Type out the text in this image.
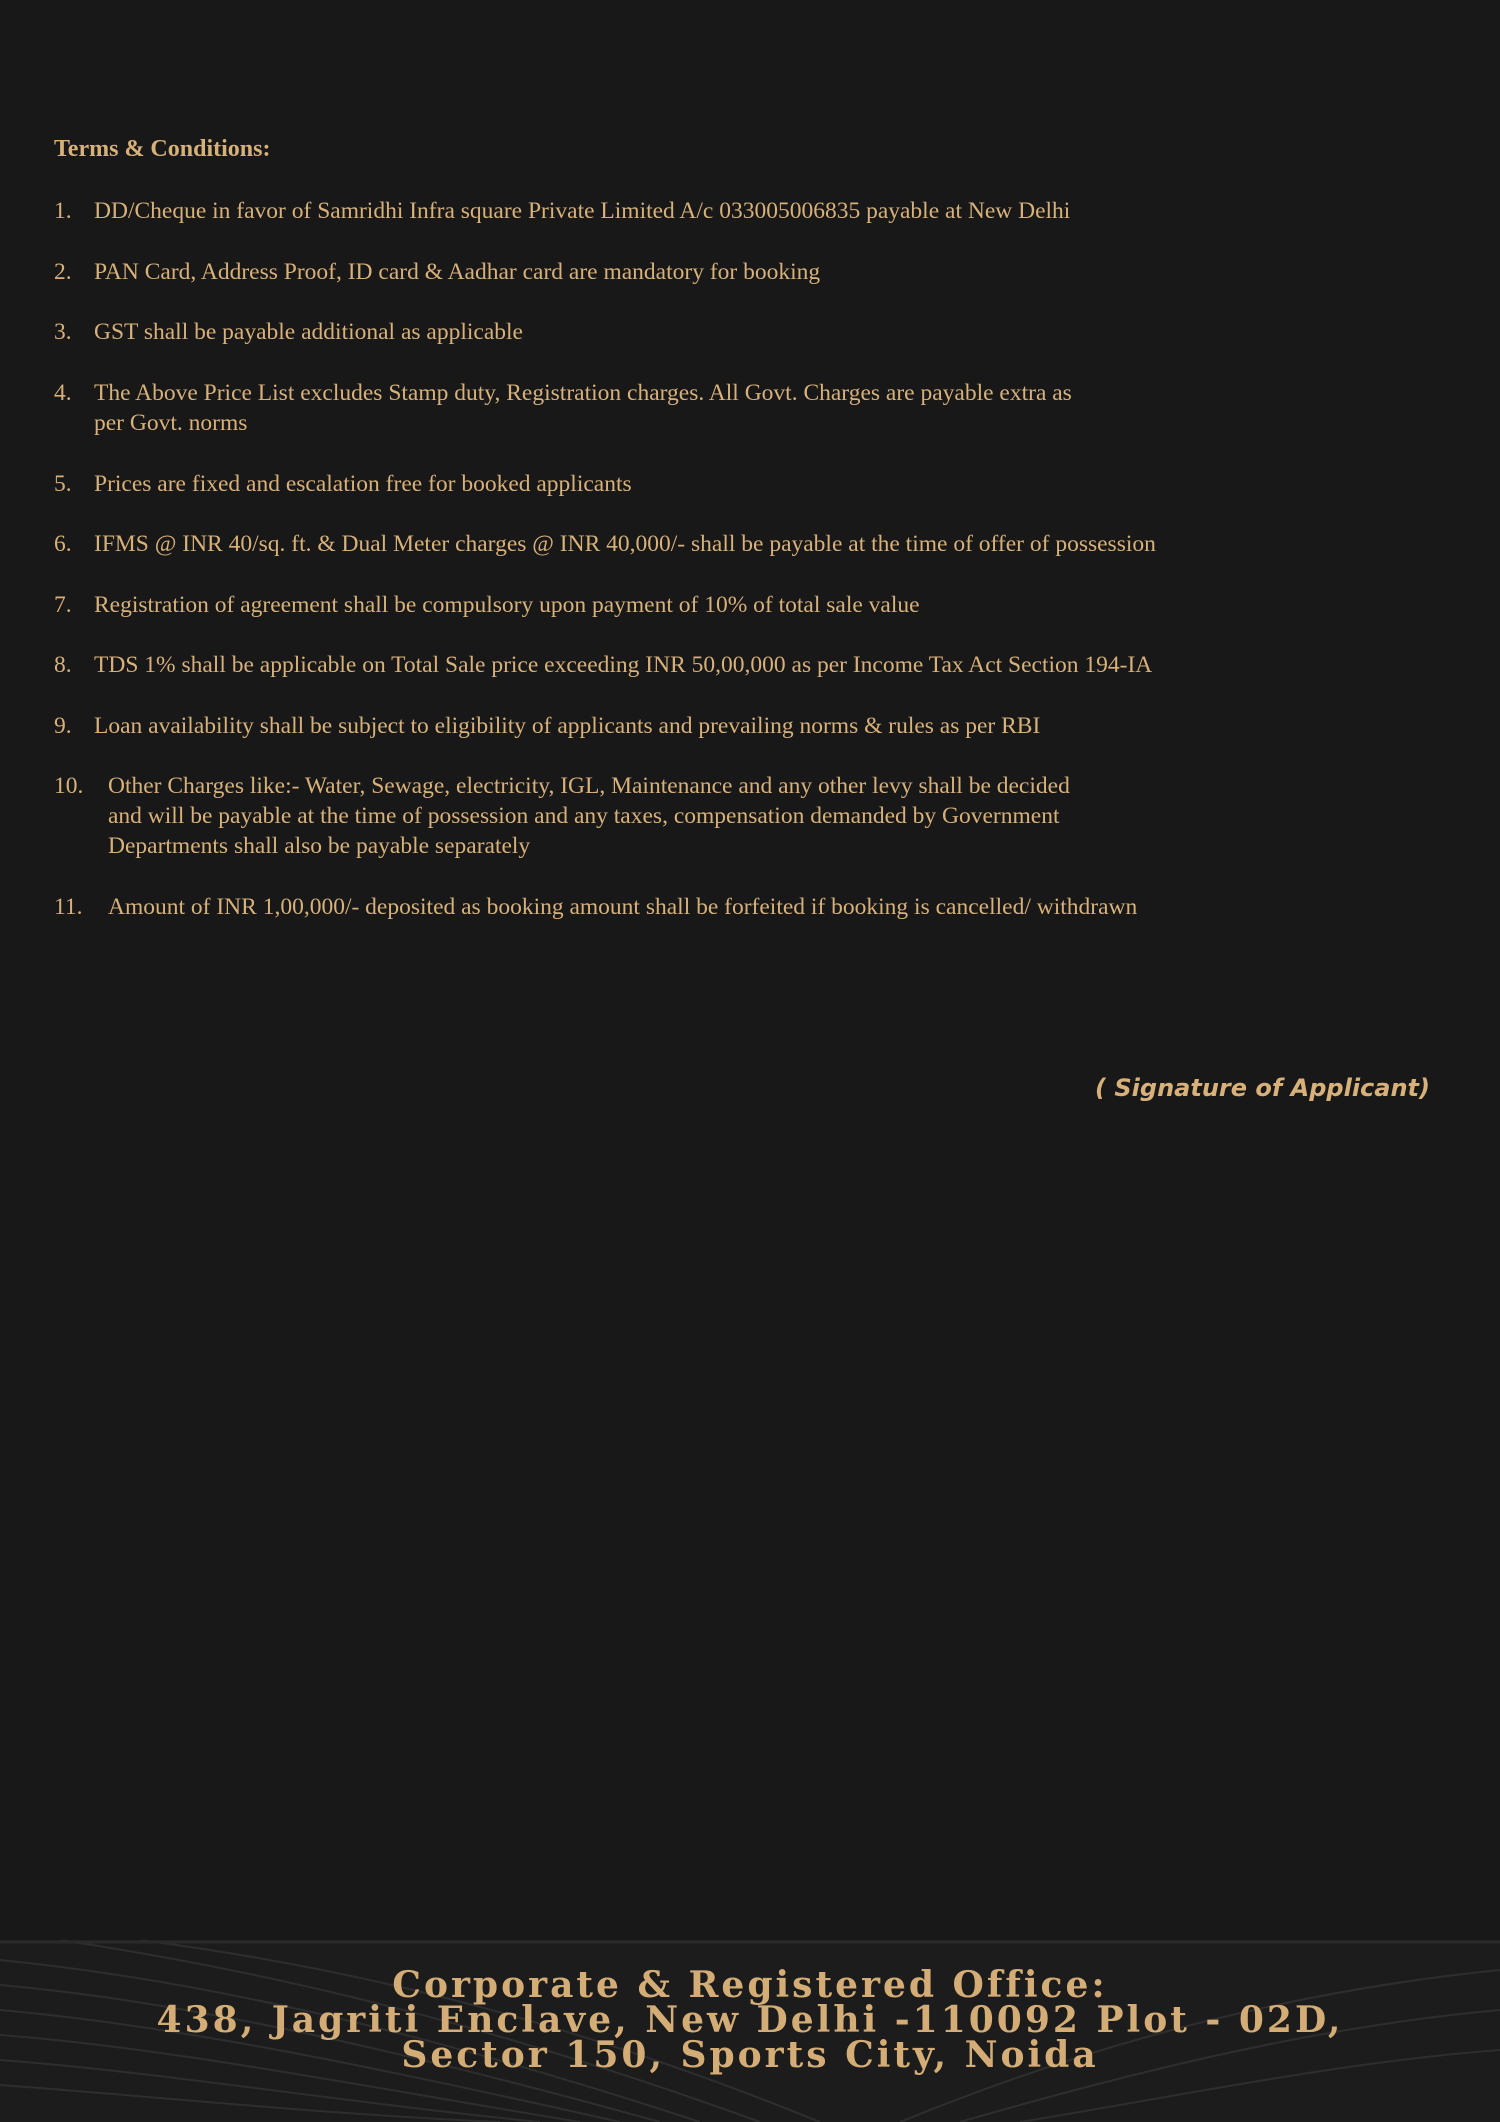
Terms & Conditions:
1. DD/Cheque in favor of Samridhi Infra square Private Limited A/c 033005006835 payable at New Delhi
2. PAN Card, Address Proof, ID card & Aadhar card are mandatory for booking
3. GST shall be payable additional as applicable
4. The Above Price List excludes Stamp duty, Registration charges. All Govt. Charges are payable extra as
per Govt. norms
5. Prices are fixed and escalation free for booked applicants
6. IFMS @ INR 40/sq. ft. & Dual Meter charges @ INR 40,000/- shall be payable at the time of offer of possession
7. Registration of agreement shall be compulsory upon payment of 10% of total sale value
8. TDS 1% shall be applicable on Total Sale price exceeding INR 50,00,000 as per Income Tax Act Section 194-IA
9. Loan availability shall be subject to eligibility of applicants and prevailing norms & rules as per RBI
10.	Other Charges like:- Water, Sewage, electricity, IGL, Maintenance and any other levy shall be decided
and will be payable at the time of possession and any taxes, compensation demanded by Government
Departments shall also be payable separately
11.	Amount of INR 1,00,000/- deposited as booking amount shall be forfeited if booking is cancelled/ withdrawn

( Signature of Applicant)

Corporate & Registered Office:
438, Jagriti Enclave, New Delhi -110092 Plot - 02D,
Sector 150, Sports City, Noida
